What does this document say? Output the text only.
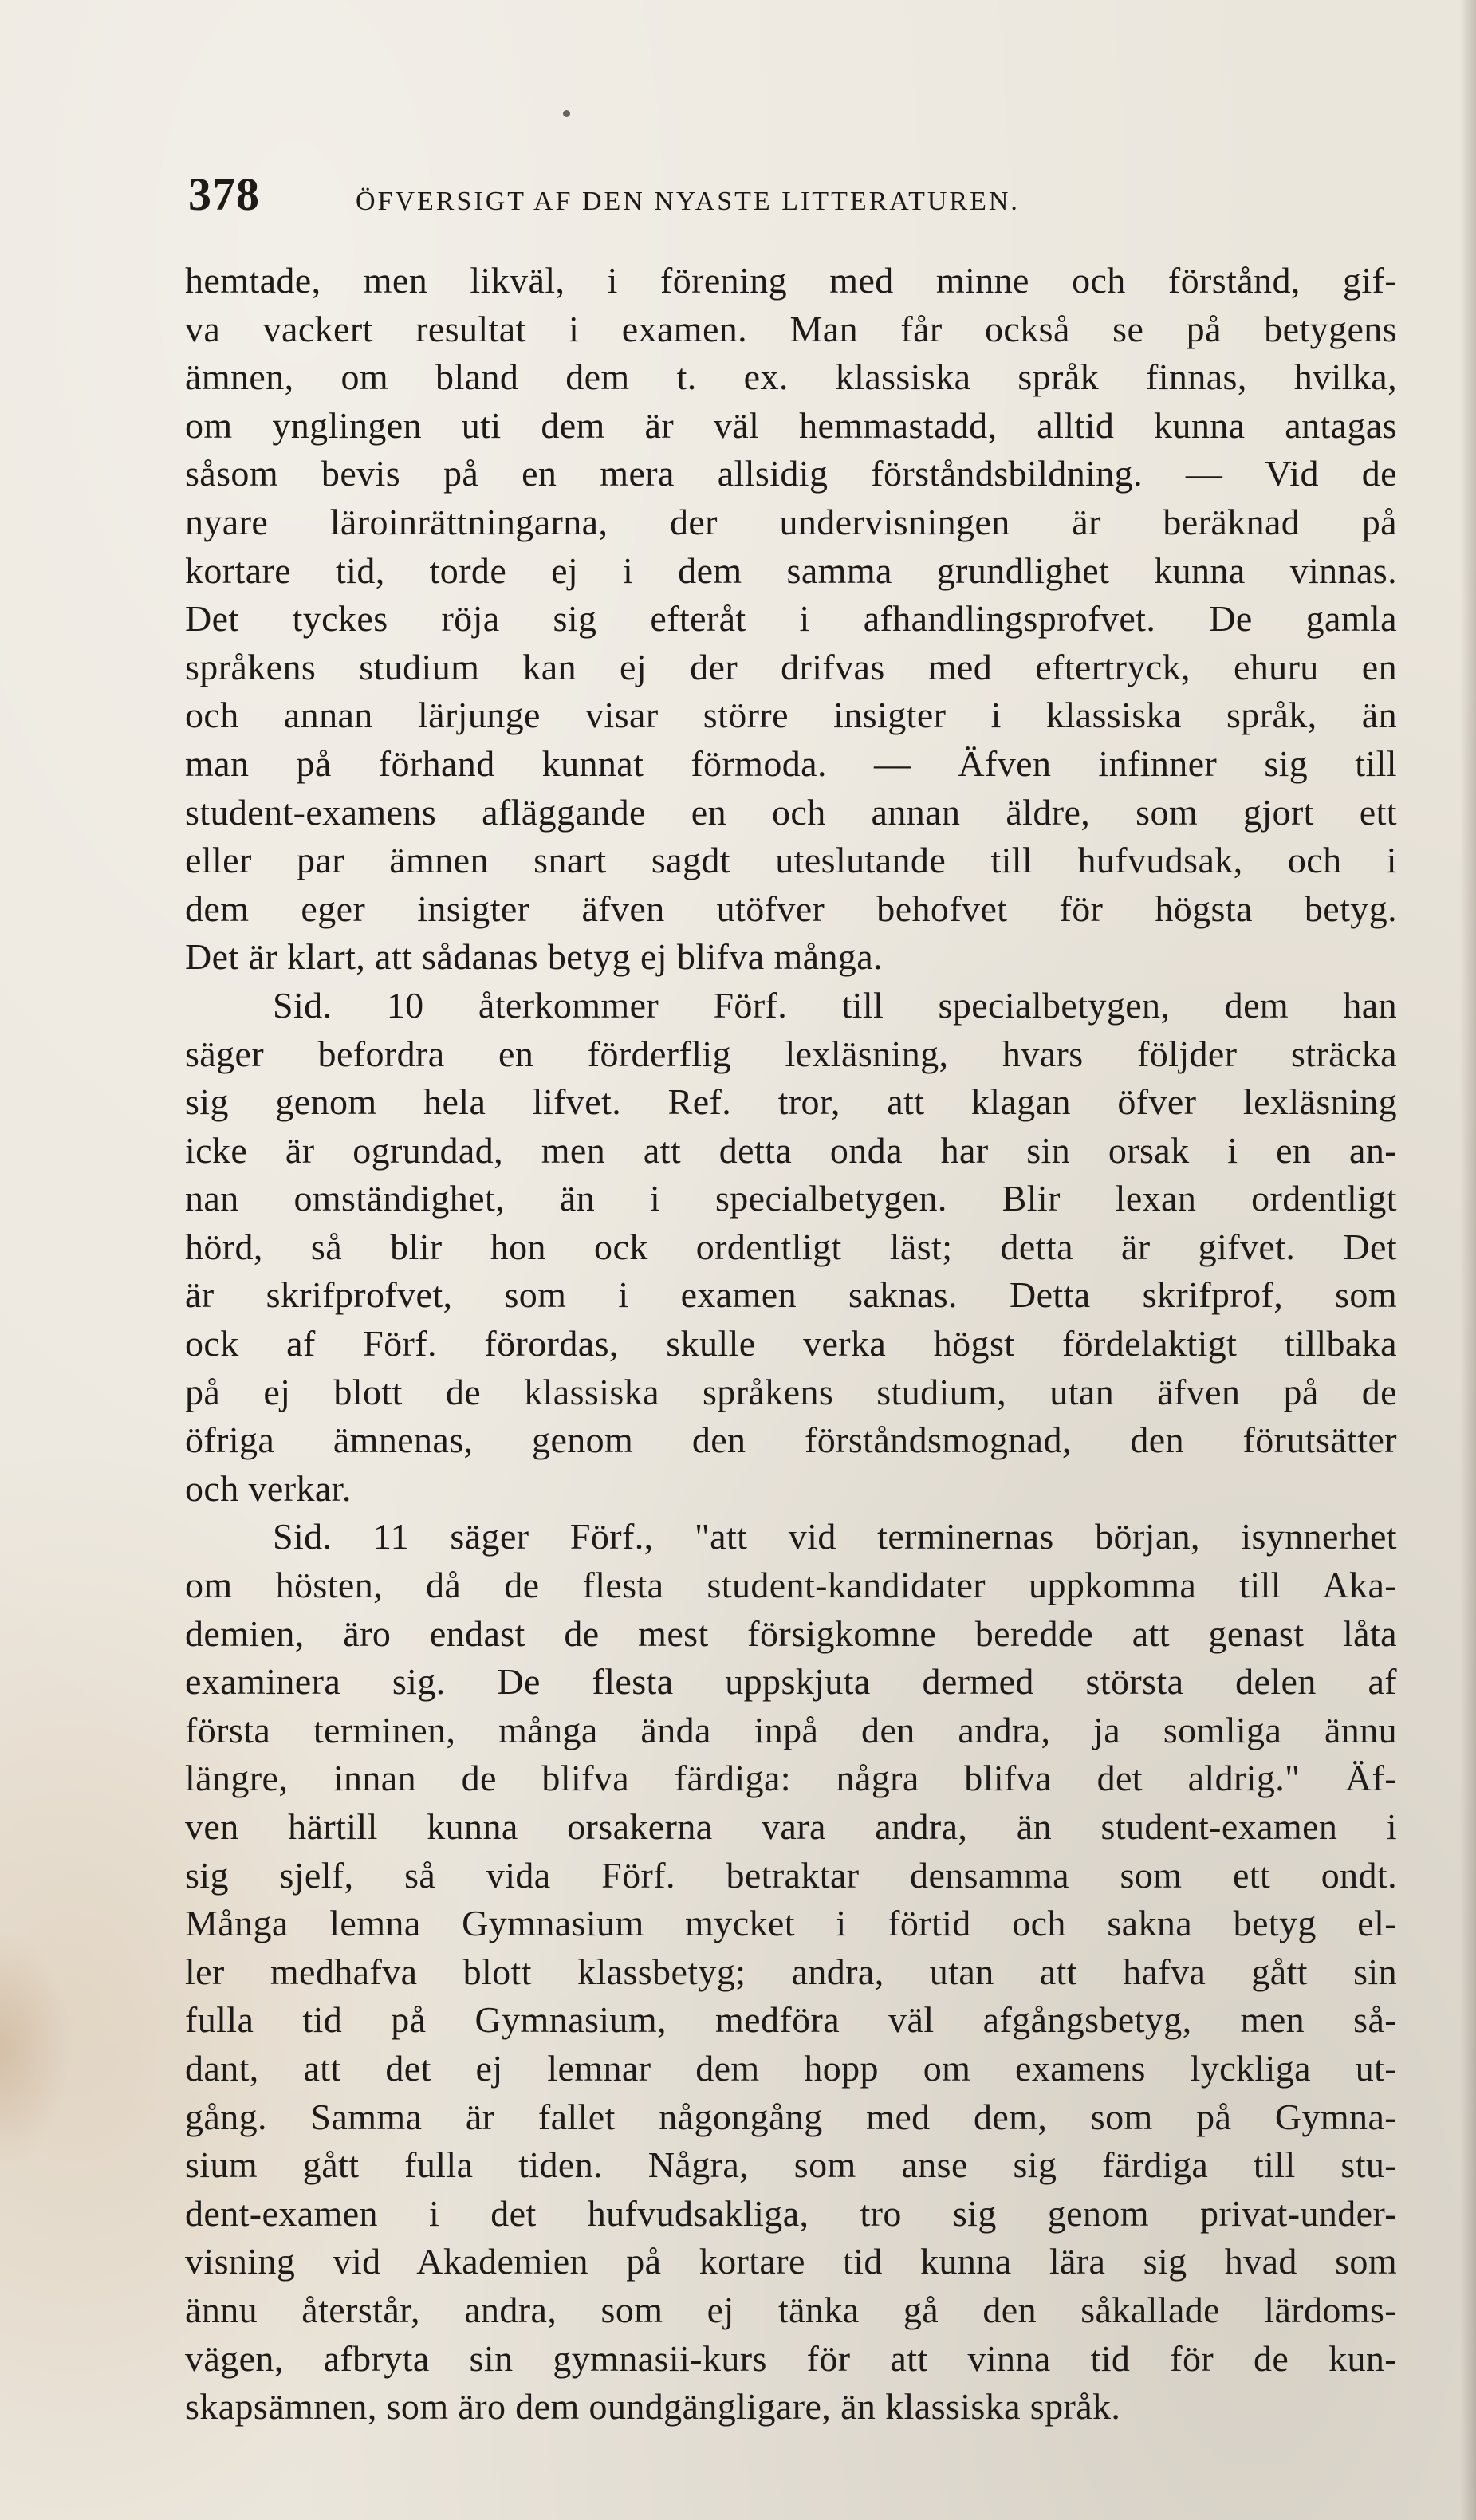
378	ÖFVERSIGT AF DEN NYASTE LITTERATUREN.
hemtade, men likväl, i förening med minne och förstånd, gif-
va vackert resultat i examen. Man får också se på betygens
ämnen, om bland dem t. ex. klassiska språk finnas, hvilka,
om ynglingen uti dem är väl hemmastadd, alltid kunna antagas
såsom bevis på en mera allsidig förståndsbildning. — Vid de
nyare läroinrättningarna, der undervisningen är beräknad på
kortare tid, torde ej i dem samma grundlighet kunna vinnas.
Det tyckes röja sig efteråt i afhandlingsprofvet. De gamla
språkens studium kan ej der drifvas med eftertryck, ehuru en
och annan lärjunge visar större insigter i klassiska språk, än
man på förhand kunnat förmoda. — Äfven infinner sig till
student-examens afläggande en och annan äldre, som gjort ett
eller par ämnen snart sagdt uteslutande till hufvudsak, och i
dem eger insigter äfven utöfver behofvet för högsta betyg.
Det är klart, att sådanas betyg ej blifva många.
Sid. 10 återkommer Förf. till specialbetygen, dem han
säger befordra en förderflig lexläsning, hvars följder sträcka
sig genom hela lifvet. Ref. tror, att klagan öfver lexläsning
icke är ogrundad, men att detta onda har sin orsak i en an-
nan omständighet, än i specialbetygen. Blir lexan ordentligt
hörd, så blir hon ock ordentligt läst; detta är gifvet. Det
är skrifprofvet, som i examen saknas. Detta skrifprof, som
ock af Förf. förordas, skulle verka högst fördelaktigt tillbaka
på ej blott de klassiska språkens studium, utan äfven på de
öfriga ämnenas, genom den förståndsmognad, den förutsätter
och verkar.
Sid. 11 säger Förf., "att vid terminernas början, isynnerhet
om hösten, då de flesta student-kandidater uppkomma till Aka-
demien, äro endast de mest försigkomne beredde att genast låta
examinera sig. De flesta uppskjuta dermed största delen af
första terminen, många ända inpå den andra, ja somliga ännu
längre, innan de blifva färdiga: några blifva det aldrig." Äf-
ven härtill kunna orsakerna vara andra, än student-examen i
sig sjelf, så vida Förf. betraktar densamma som ett ondt.
Många lemna Gymnasium mycket i förtid och sakna betyg el-
ler medhafva blott klassbetyg; andra, utan att hafva gått sin
fulla tid på Gymnasium, medföra väl afgångsbetyg, men så-
dant, att det ej lemnar dem hopp om examens lyckliga ut-
gång. Samma är fallet någongång med dem, som på Gymna-
sium gått fulla tiden. Några, som anse sig färdiga till stu-
dent-examen i det hufvudsakliga, tro sig genom privat-under-
visning vid Akademien på kortare tid kunna lära sig hvad som
ännu återstår, andra, som ej tänka gå den såkallade lärdoms-
vägen, afbryta sin gymnasii-kurs för att vinna tid för de kun-
skapsämnen, som äro dem oundgängligare, än klassiska språk.
